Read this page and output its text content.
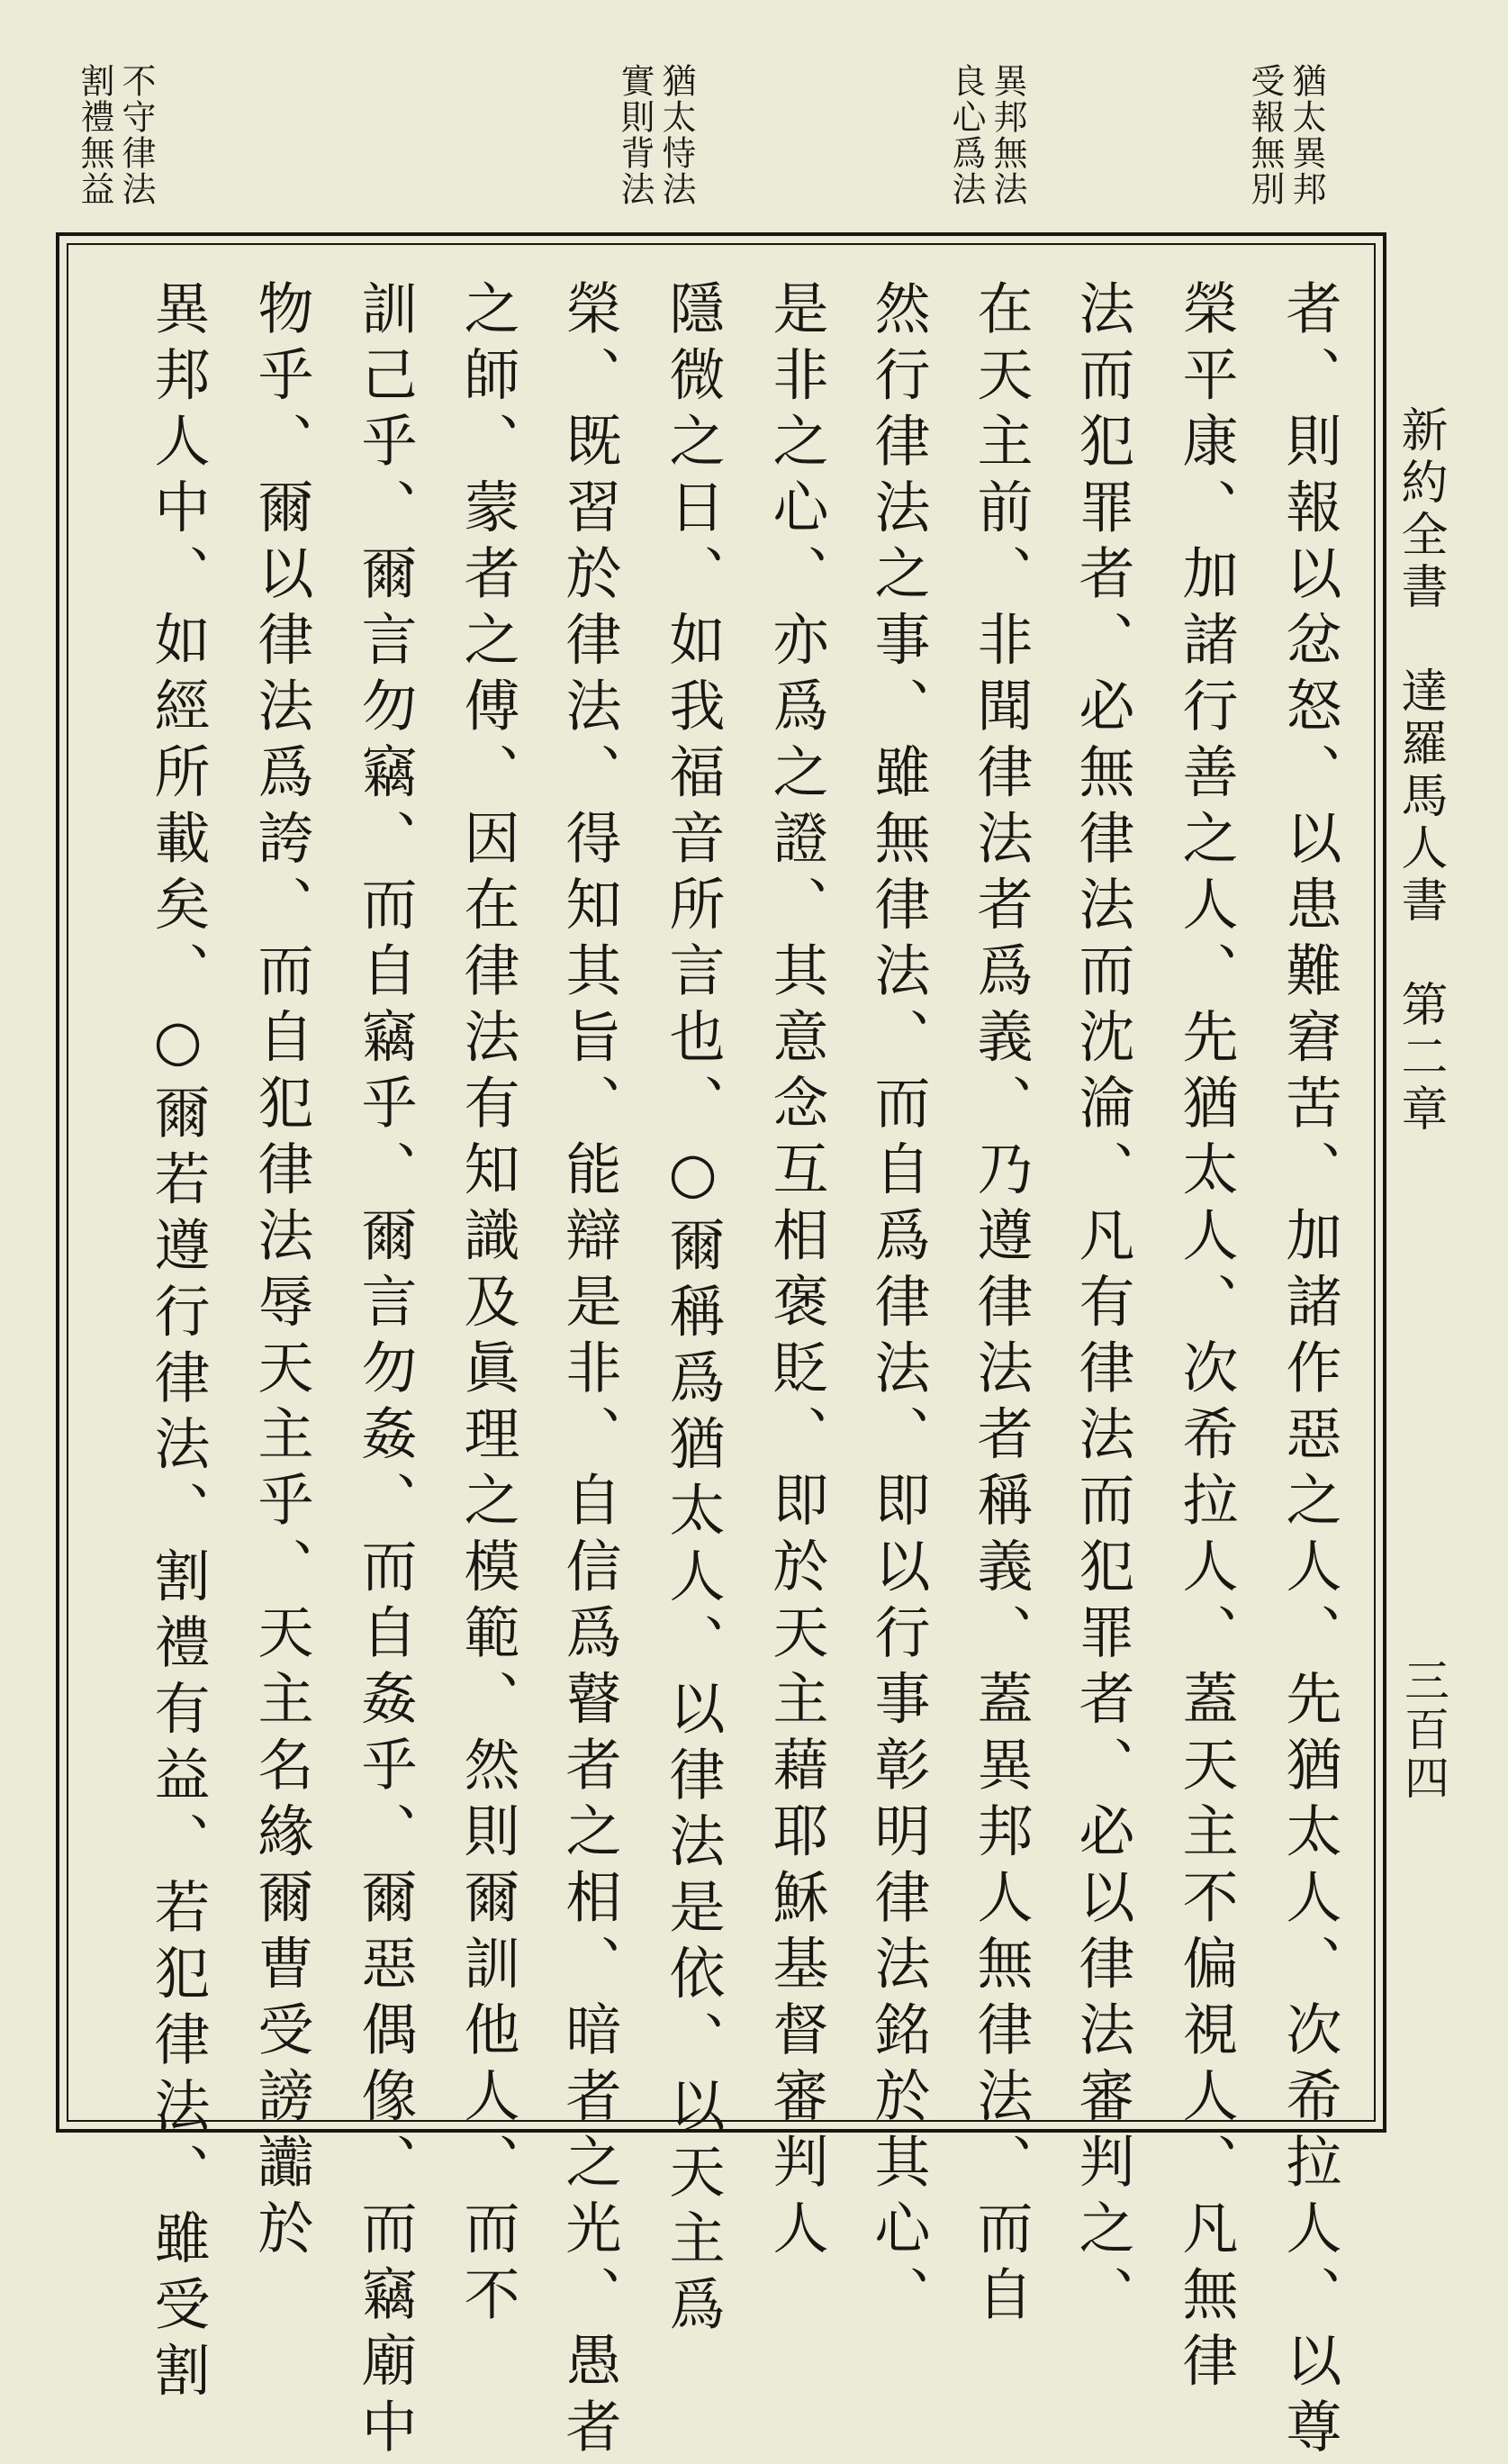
猶太異邦受報無別
異邦無法良心爲法
猶太恃法實則背法
不守律法割禮無益
新約全書　達羅馬人書　第二章
三百四
者、則報以忿怒、以患難窘苦、加諸作惡之人、先猶太人、次希拉人、以尊
榮平康、加諸行善之人、先猶太人、次希拉人、蓋天主不偏視人、凡無律
法而犯罪者、必無律法而沈淪、凡有律法而犯罪者、必以律法審判之、
在天主前、非聞律法者爲義、乃遵律法者稱義、蓋異邦人無律法、而自
然行律法之事、雖無律法、而自爲律法、即以行事彰明律法銘於其心、
是非之心、亦爲之證、其意念互相褒貶、即於天主藉耶穌基督審判人
隱微之日、如我福音所言也、○爾稱爲猶太人、以律法是依、以天主爲
榮、既習於律法、得知其旨、能辯是非、自信爲瞽者之相、暗者之光、愚者
之師、蒙者之傅、因在律法有知識及眞理之模範、然則爾訓他人、而不
訓己乎、爾言勿竊、而自竊乎、爾言勿姦、而自姦乎、爾惡偶像、而竊廟中
物乎、爾以律法爲誇、而自犯律法辱天主乎、天主名緣爾曹受謗讟於
異邦人中、如經所載矣、○爾若遵行律法、割禮有益、若犯律法、雖受割
